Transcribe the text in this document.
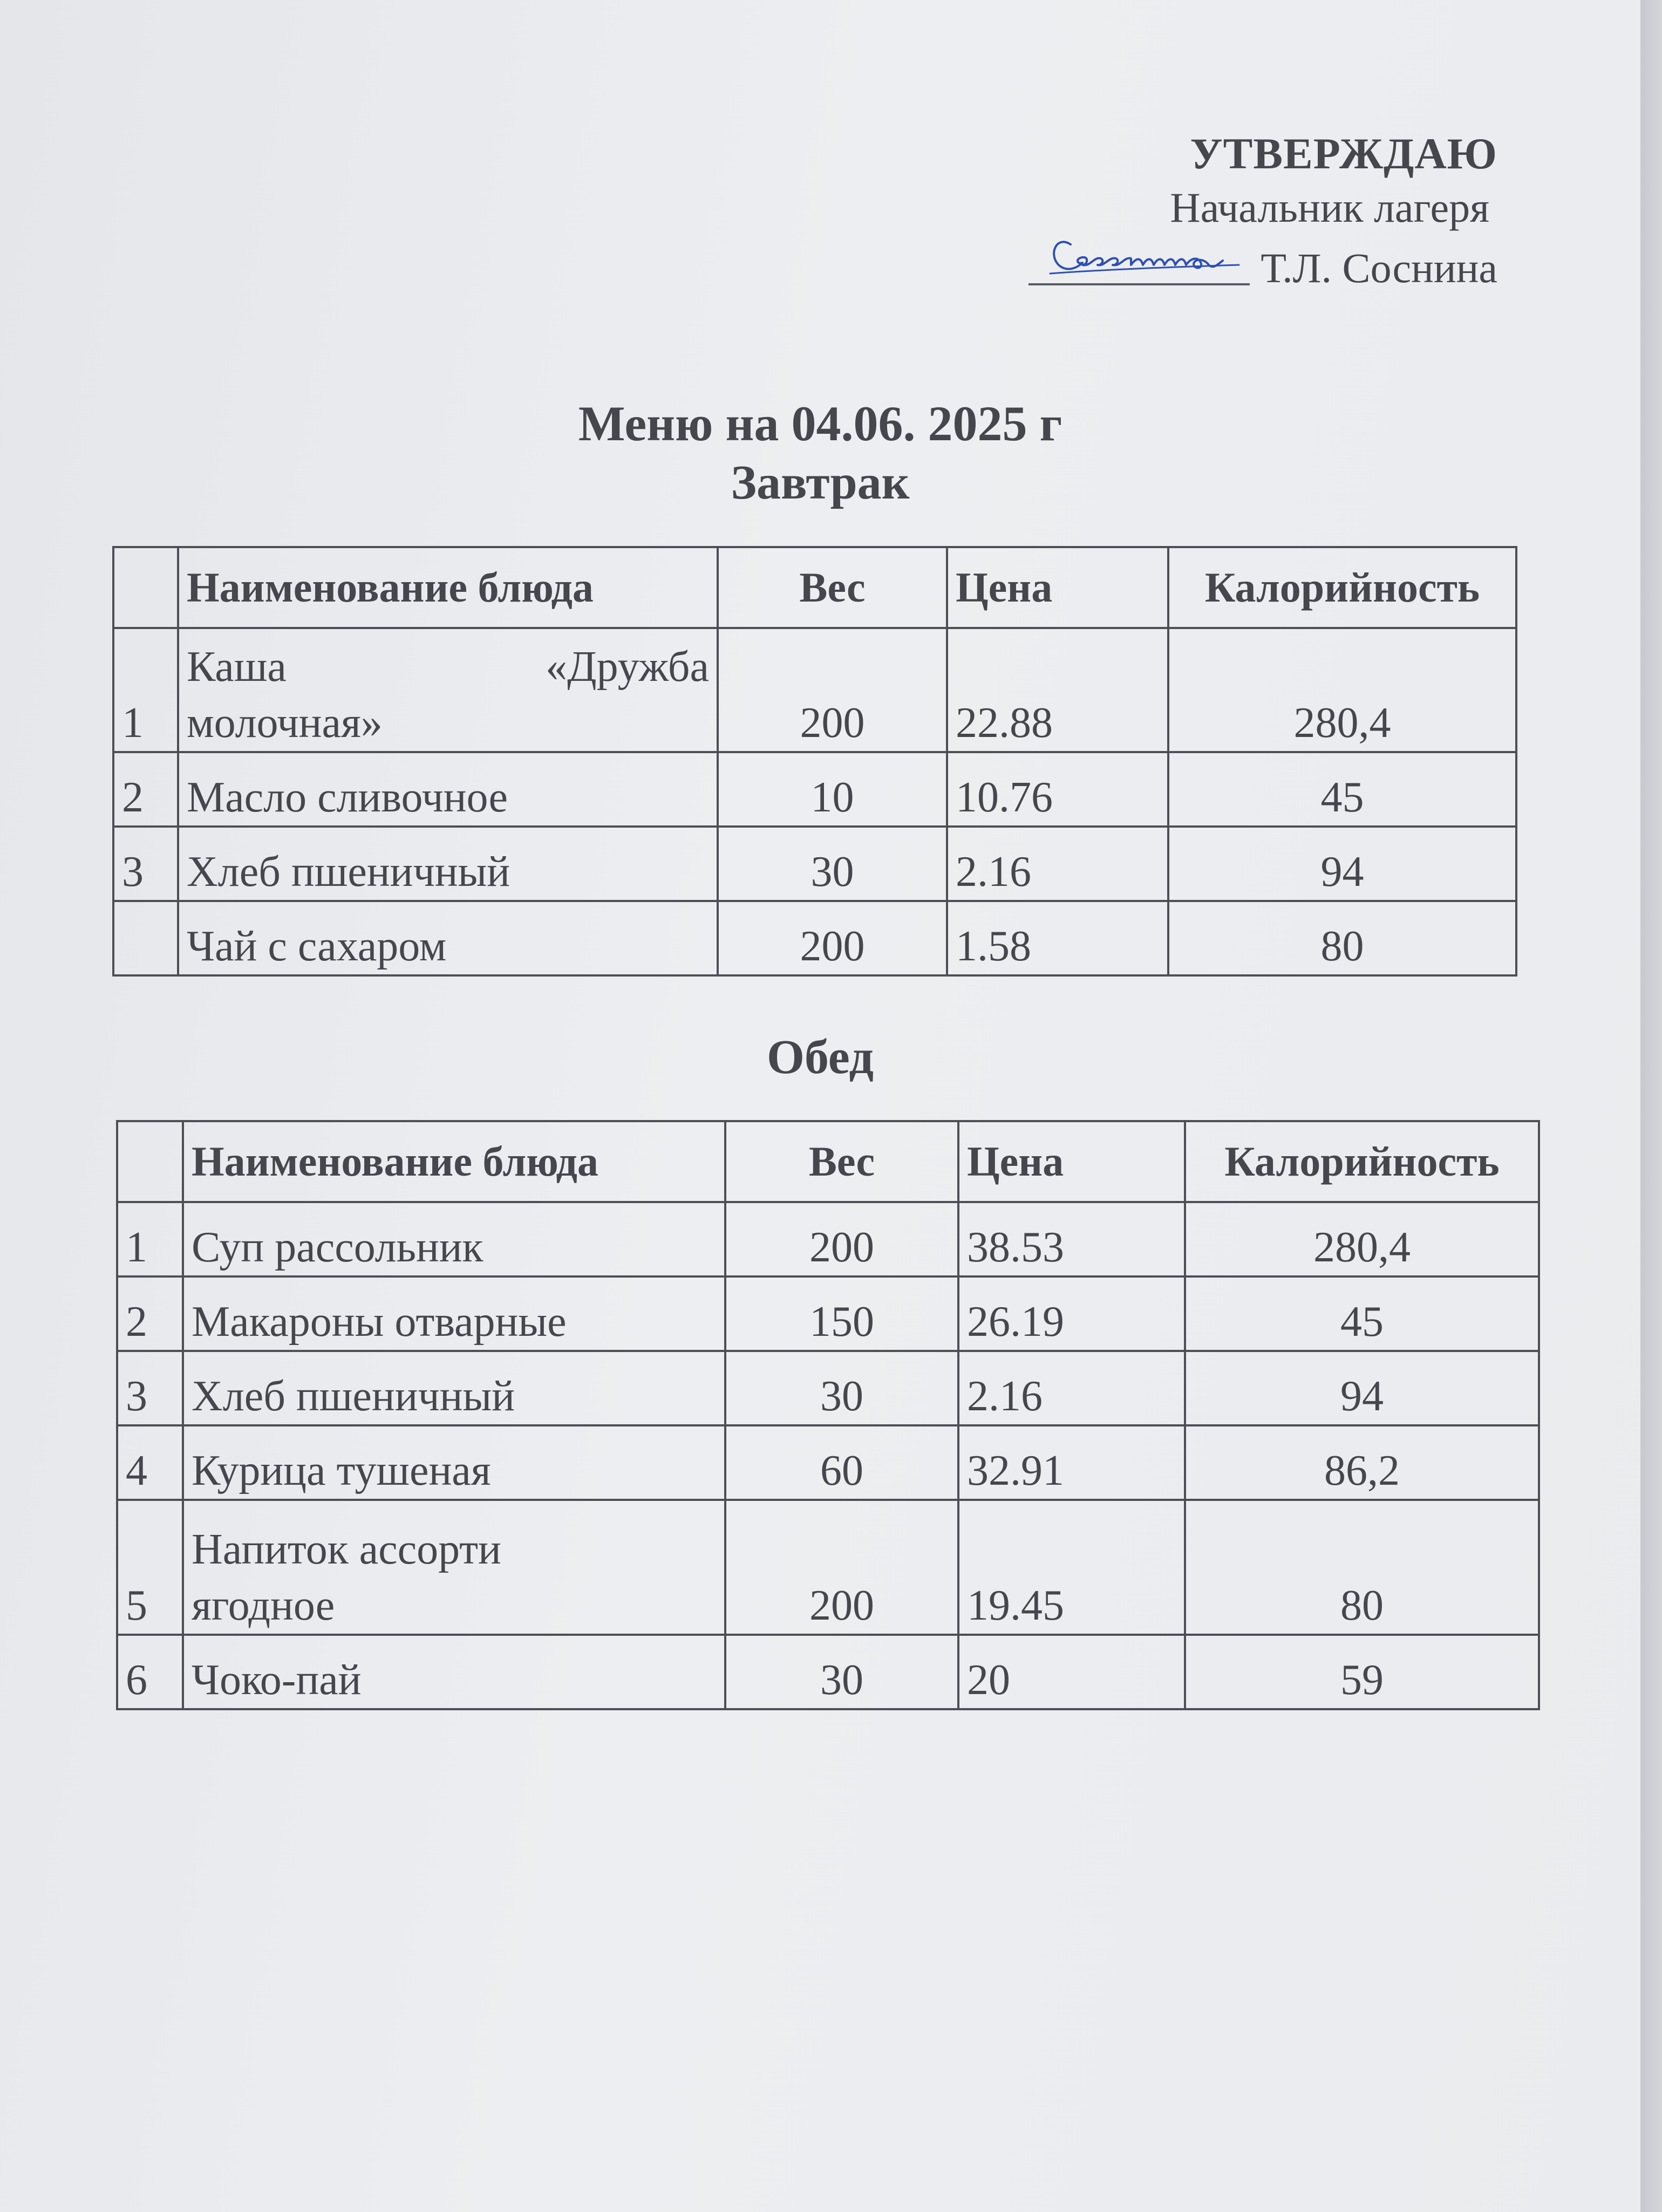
УТВЕРЖДАЮ
Начальник лагеря
Т.Л. Соснина
Меню на 04.06. 2025 г
Завтрак
	Наименование блюда	Вес	Цена	Калорийность
1	Каша «Дружба
молочная»	200	22.88	280,4
2	Масло сливочное	10	10.76	45
3	Хлеб пшеничный	30	2.16	94
	Чай с сахаром	200	1.58	80
Обед
	Наименование блюда	Вес	Цена	Калорийность
1	Суп рассольник	200	38.53	280,4
2	Макароны отварные	150	26.19	45
3	Хлеб пшеничный	30	2.16	94
4	Курица тушеная	60	32.91	86,2
5	Напиток ассорти
ягодное	200	19.45	80
6	Чоко-пай	30	20	59
